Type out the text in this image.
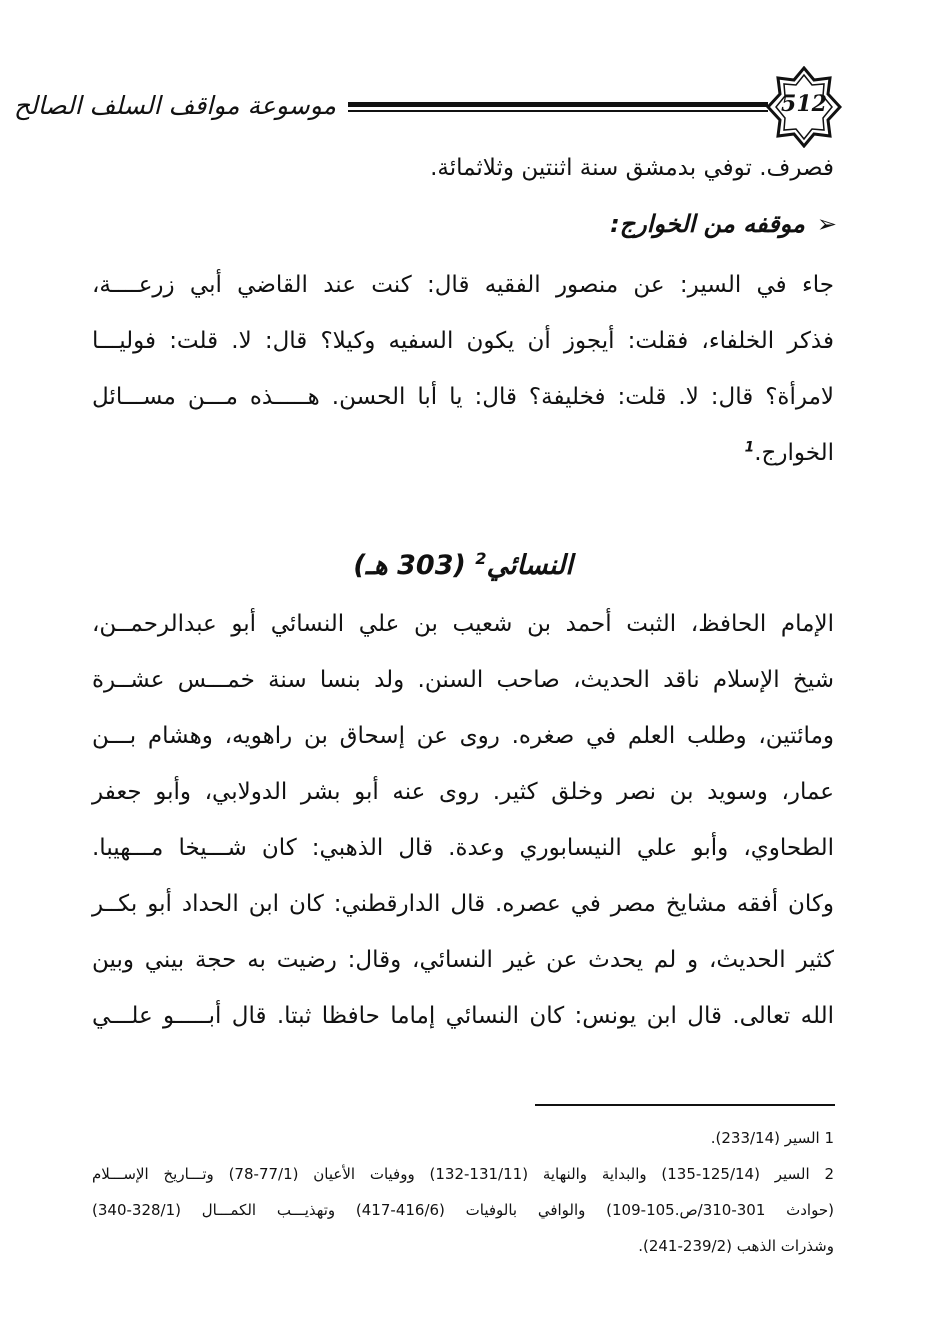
موسوعة مواقف السلف الصالح	512
فصرف. توفي بدمشق سنة اثنتين وثلاثمائة.
➢موقفه من الخوارج:
جاء في السير: عن منصور الفقيه قال: كنت عند القاضي أبي زرعــــة،
فذكر الخلفاء، فقلت: أيجوز أن يكون السفيه وكيلا؟ قال: لا. قلت: فوليـــا
لامرأة؟ قال: لا. قلت: فخليفة؟ قال: يا أبا الحسن. هـــــذه مـــن مســـائل
الخوارج.$^1$
النسائي$^2$ (303 هـ)
الإمام الحافظ، الثبت أحمد بن شعيب بن علي النسائي أبو عبدالرحمــن،
شيخ الإسلام ناقد الحديث، صاحب السنن. ولد بنسا سنة خمـــس عشــرة
ومائتين، وطلب العلم في صغره. روى عن إسحاق بن راهويه، وهشام بـــن
عمار، وسويد بن نصر وخلق كثير. روى عنه أبو بشر الدولابي، وأبو جعفر
الطحاوي، وأبو علي النيسابوري وعدة. قال الذهبي: كان شـــيخا مـــهيبا.
وكان أفقه مشايخ مصر في عصره. قال الدارقطني: كان ابن الحداد أبو بكــر
كثير الحديث، و لم يحدث عن غير النسائي، وقال: رضيت به حجة بيني وبين
الله تعالى. قال ابن يونس: كان النسائي إماما حافظا ثبتا. قال أبـــــو علـــي
1 السير (233/14).
2 السير (125/14-135) والبداية والنهاية (131/11-132) ووفيات الأعيان (77/1-78) وتـــاريخ الإســـلام
(حوادث 301-310/ص.105-109) والوافي بالوفيات (416/6-417) وتهذيـــب الكمـــال (328/1-340)
وشذرات الذهب (239/2-241).
